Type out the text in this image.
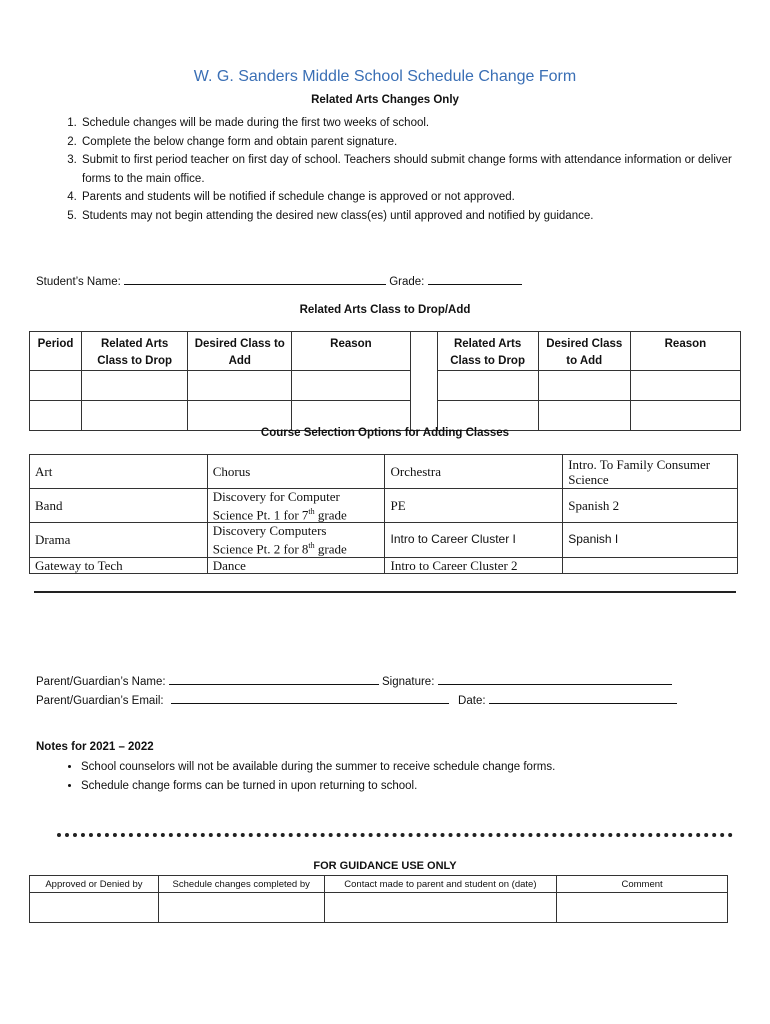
W. G. Sanders Middle School Schedule Change Form
Related Arts Changes Only
1. Schedule changes will be made during the first two weeks of school.
2. Complete the below change form and obtain parent signature.
3. Submit to first period teacher on first day of school. Teachers should submit change forms with attendance information or deliver forms to the main office.
4. Parents and students will be notified if schedule change is approved or not approved.
5. Students may not begin attending the desired new class(es) until approved and notified by guidance.
Student’s Name:	Grade:
Related Arts Class to Drop/Add
Period	Related Arts Class to Drop	Desired Class to Add	Reason		Related Arts Class to Drop	Desired Class to Add	Reason

Course Selection Options for Adding Classes
Art	Chorus	Orchestra	Intro. To Family Consumer Science
Band	Discovery for Computer
Science Pt. 1 for 7th grade	PE	Spanish 2
Drama	Discovery Computers
Science Pt. 2 for 8th grade	Intro to Career Cluster I	Spanish I
Gateway to Tech	Dance	Intro to Career Cluster 2	
Parent/Guardian’s Name:	Signature:
Parent/Guardian’s Email:	Date:
Notes for 2021 – 2022
• School counselors will not be available during the summer to receive schedule change forms.
• Schedule change forms can be turned in upon returning to school.
FOR GUIDANCE USE ONLY
Approved or Denied by	Schedule changes completed by	Contact made to parent and student on (date)	Comment
